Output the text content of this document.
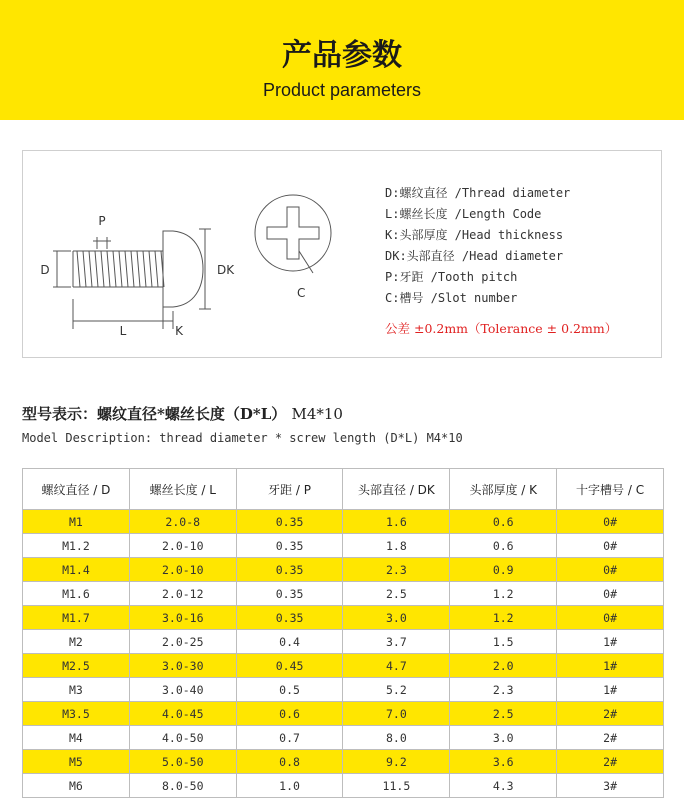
产品参数
Product parameters
P
D	DK
L	K
C
D:螺纹直径 /Thread diameter
L:螺丝长度 /Length Code
K:头部厚度 /Head thickness
DK:头部直径 /Head diameter
P:牙距 /Tooth pitch
C:槽号 /Slot number
公差 ±0.2mm（Tolerance ± 0.2mm）
型号表示：螺纹直径*螺丝长度（D*L） M4*10
Model Description: thread diameter * screw length (D*L) M4*10
螺纹直径 / D	螺丝长度 / L	牙距 / P	头部直径 / DK	头部厚度 / K	十字槽号 / C
M1	2.0-8	0.35	1.6	0.6	0#
M1.2	2.0-10	0.35	1.8	0.6	0#
M1.4	2.0-10	0.35	2.3	0.9	0#
M1.6	2.0-12	0.35	2.5	1.2	0#
M1.7	3.0-16	0.35	3.0	1.2	0#
M2	2.0-25	0.4	3.7	1.5	1#
M2.5	3.0-30	0.45	4.7	2.0	1#
M3	3.0-40	0.5	5.2	2.3	1#
M3.5	4.0-45	0.6	7.0	2.5	2#
M4	4.0-50	0.7	8.0	3.0	2#
M5	5.0-50	0.8	9.2	3.6	2#
M6	8.0-50	1.0	11.5	4.3	3#
